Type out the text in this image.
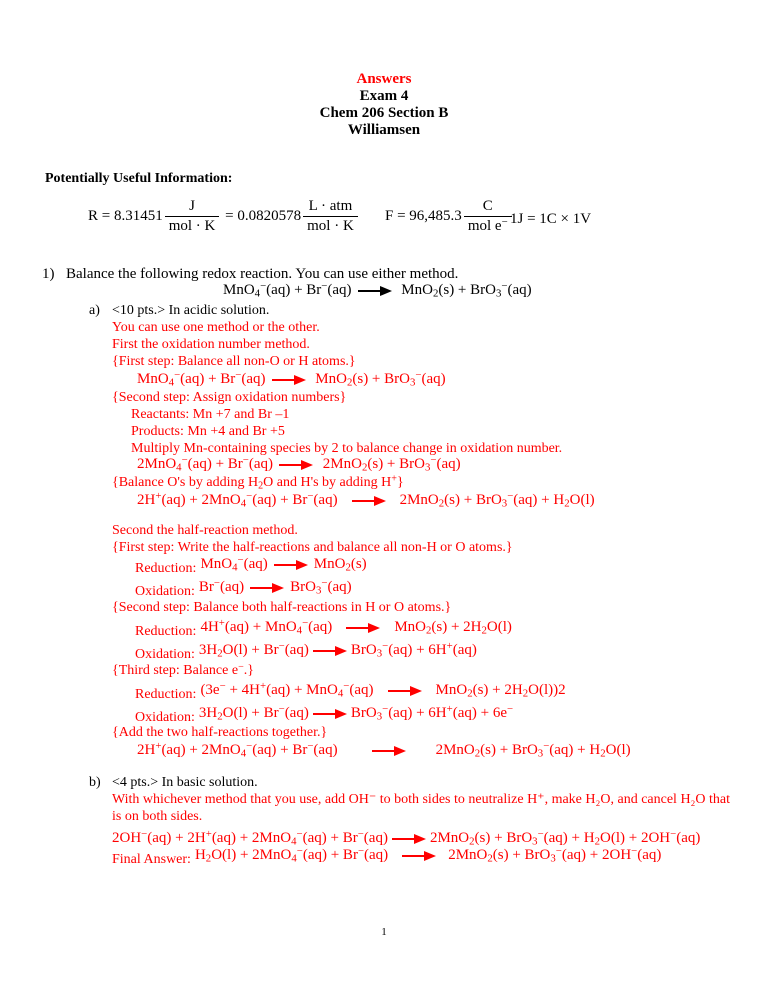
Answers
Exam 4
Chem 206 Section B
Williamsen
Potentially Useful Information:
$R = 8.31451 \frac{J}{\text{mol · K}} = 0.0820578 \frac{\text{L · atm}}{\text{mol · K}}$ $F = 96,485.3 \frac{C}{mol e^-}$
1J = 1C × 1V
1) Balance the following redox reaction. You can use either method.
MnO$_4$−(aq) + Br−(aq)	MnO$_2$(s) + BrO$_3$−(aq)
a) <10 pts.> In acidic solution.
You can use one method or the other.
First the oxidation number method.
{First step: Balance all non-O or H atoms.}
MnO$_4$−(aq) + Br−(aq)	MnO$_2$(s) + BrO$_3$−(aq)
{Second step: Assign oxidation numbers}
Reactants: Mn +7 and Br –1
Products: Mn +4 and Br +5
Multiply Mn-containing species by 2 to balance change in oxidation number.
2MnO$_4$−(aq) + Br−(aq)	2MnO$_2$(s) + BrO$_3$−(aq)
{Balance O's by adding $H_2O$ and H's by adding H+}
2H+(aq) + 2MnO$_4$−(aq) + Br−(aq)	$2MnO_2(s) + BrO_3^-(aq) + H_2O(l)$
Second the half-reaction method.
{First step: Write the half-reactions and balance all non-H or O atoms.}
Reduction: MnO$_4$−(aq)	MnO$_2$(s)
Oxidation: Br−(aq)	BrO$_3$−(aq)
{Second step: Balance both half-reactions in H or O atoms.}
Reduction: 4H+(aq) + MnO$_4$−(aq)	$MnO_2(s) + 2H_2O(l)$
Oxidation: $3H_2O(l) + Br^-(aq)$	BrO$_3$−(aq) + 6H+(aq)
{Third step: Balance e−.}
Reduction: (3e− + 4H+(aq) + MnO$_4$−(aq)	$MnO_2(s) + 2H_2O(l))2$
Oxidation: $3H_2O(l) + Br^-(aq)$	BrO$_3$−(aq) + 6H+(aq) + 6e−
{Add the two half-reactions together.}
2H+(aq) + 2MnO$_4$−(aq) + Br−(aq)	$2MnO_2(s) + BrO_3^-(aq) + H_2O(l)$
b) <4 pts.> In basic solution.
With whichever method that you use, add OH⁻ to both sides to neutralize H⁺, make H₂O, and cancel H₂O that
is on both sides.
2OH−(aq) + 2H+(aq) + 2MnO$_4$−(aq) + Br−(aq)	$2MnO_2(s) + BrO_3^-(aq) + H_2O(l) + 2OH^-(aq)$
Final Answer: $H_2O(l) + 2MnO_4^-(aq) + Br^-(aq)$	2MnO$_2$(s) + BrO$_3$−(aq) + 2OH−(aq)
1
